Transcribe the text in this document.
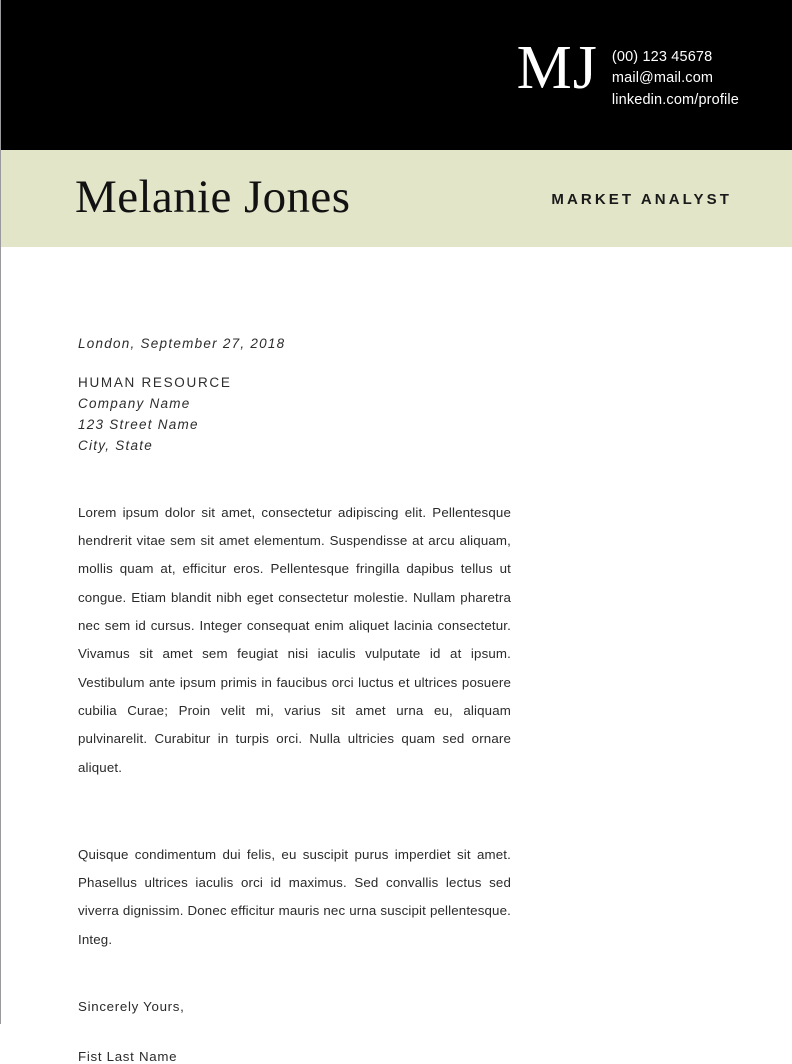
MJ (00) 123 45678
mail@mail.com
linkedin.com/profile
Melanie Jones	MARKET ANALYST
London, September 27, 2018
HUMAN RESOURCE
Company Name
123 Street Name
City, State

Lorem ipsum dolor sit amet, consectetur adipiscing elit. Pellentesque hendrerit vitae sem sit amet elementum. Suspendisse at arcu aliquam, mollis quam at, efficitur eros. Pellentesque fringilla dapibus tellus ut congue. Etiam blandit nibh eget consectetur molestie. Nullam pharetra nec sem id cursus. Integer consequat enim aliquet lacinia consectetur. Vivamus sit amet sem feugiat nisi iaculis vulputate id at ipsum. Vestibulum ante ipsum primis in faucibus orci luctus et ultrices posuere cubilia Curae; Proin velit mi, varius sit amet urna eu, aliquam pulvinarelit. Curabitur in turpis orci. Nulla ultricies quam sed ornare aliquet.

Quisque condimentum dui felis, eu suscipit purus imperdiet sit amet. Phasellus ultrices iaculis orci id maximus. Sed convallis lectus sed viverra dignissim. Donec efficitur mauris nec urna suscipit pellentesque. Integ.

Sincerely Yours,
Fist Last Name
